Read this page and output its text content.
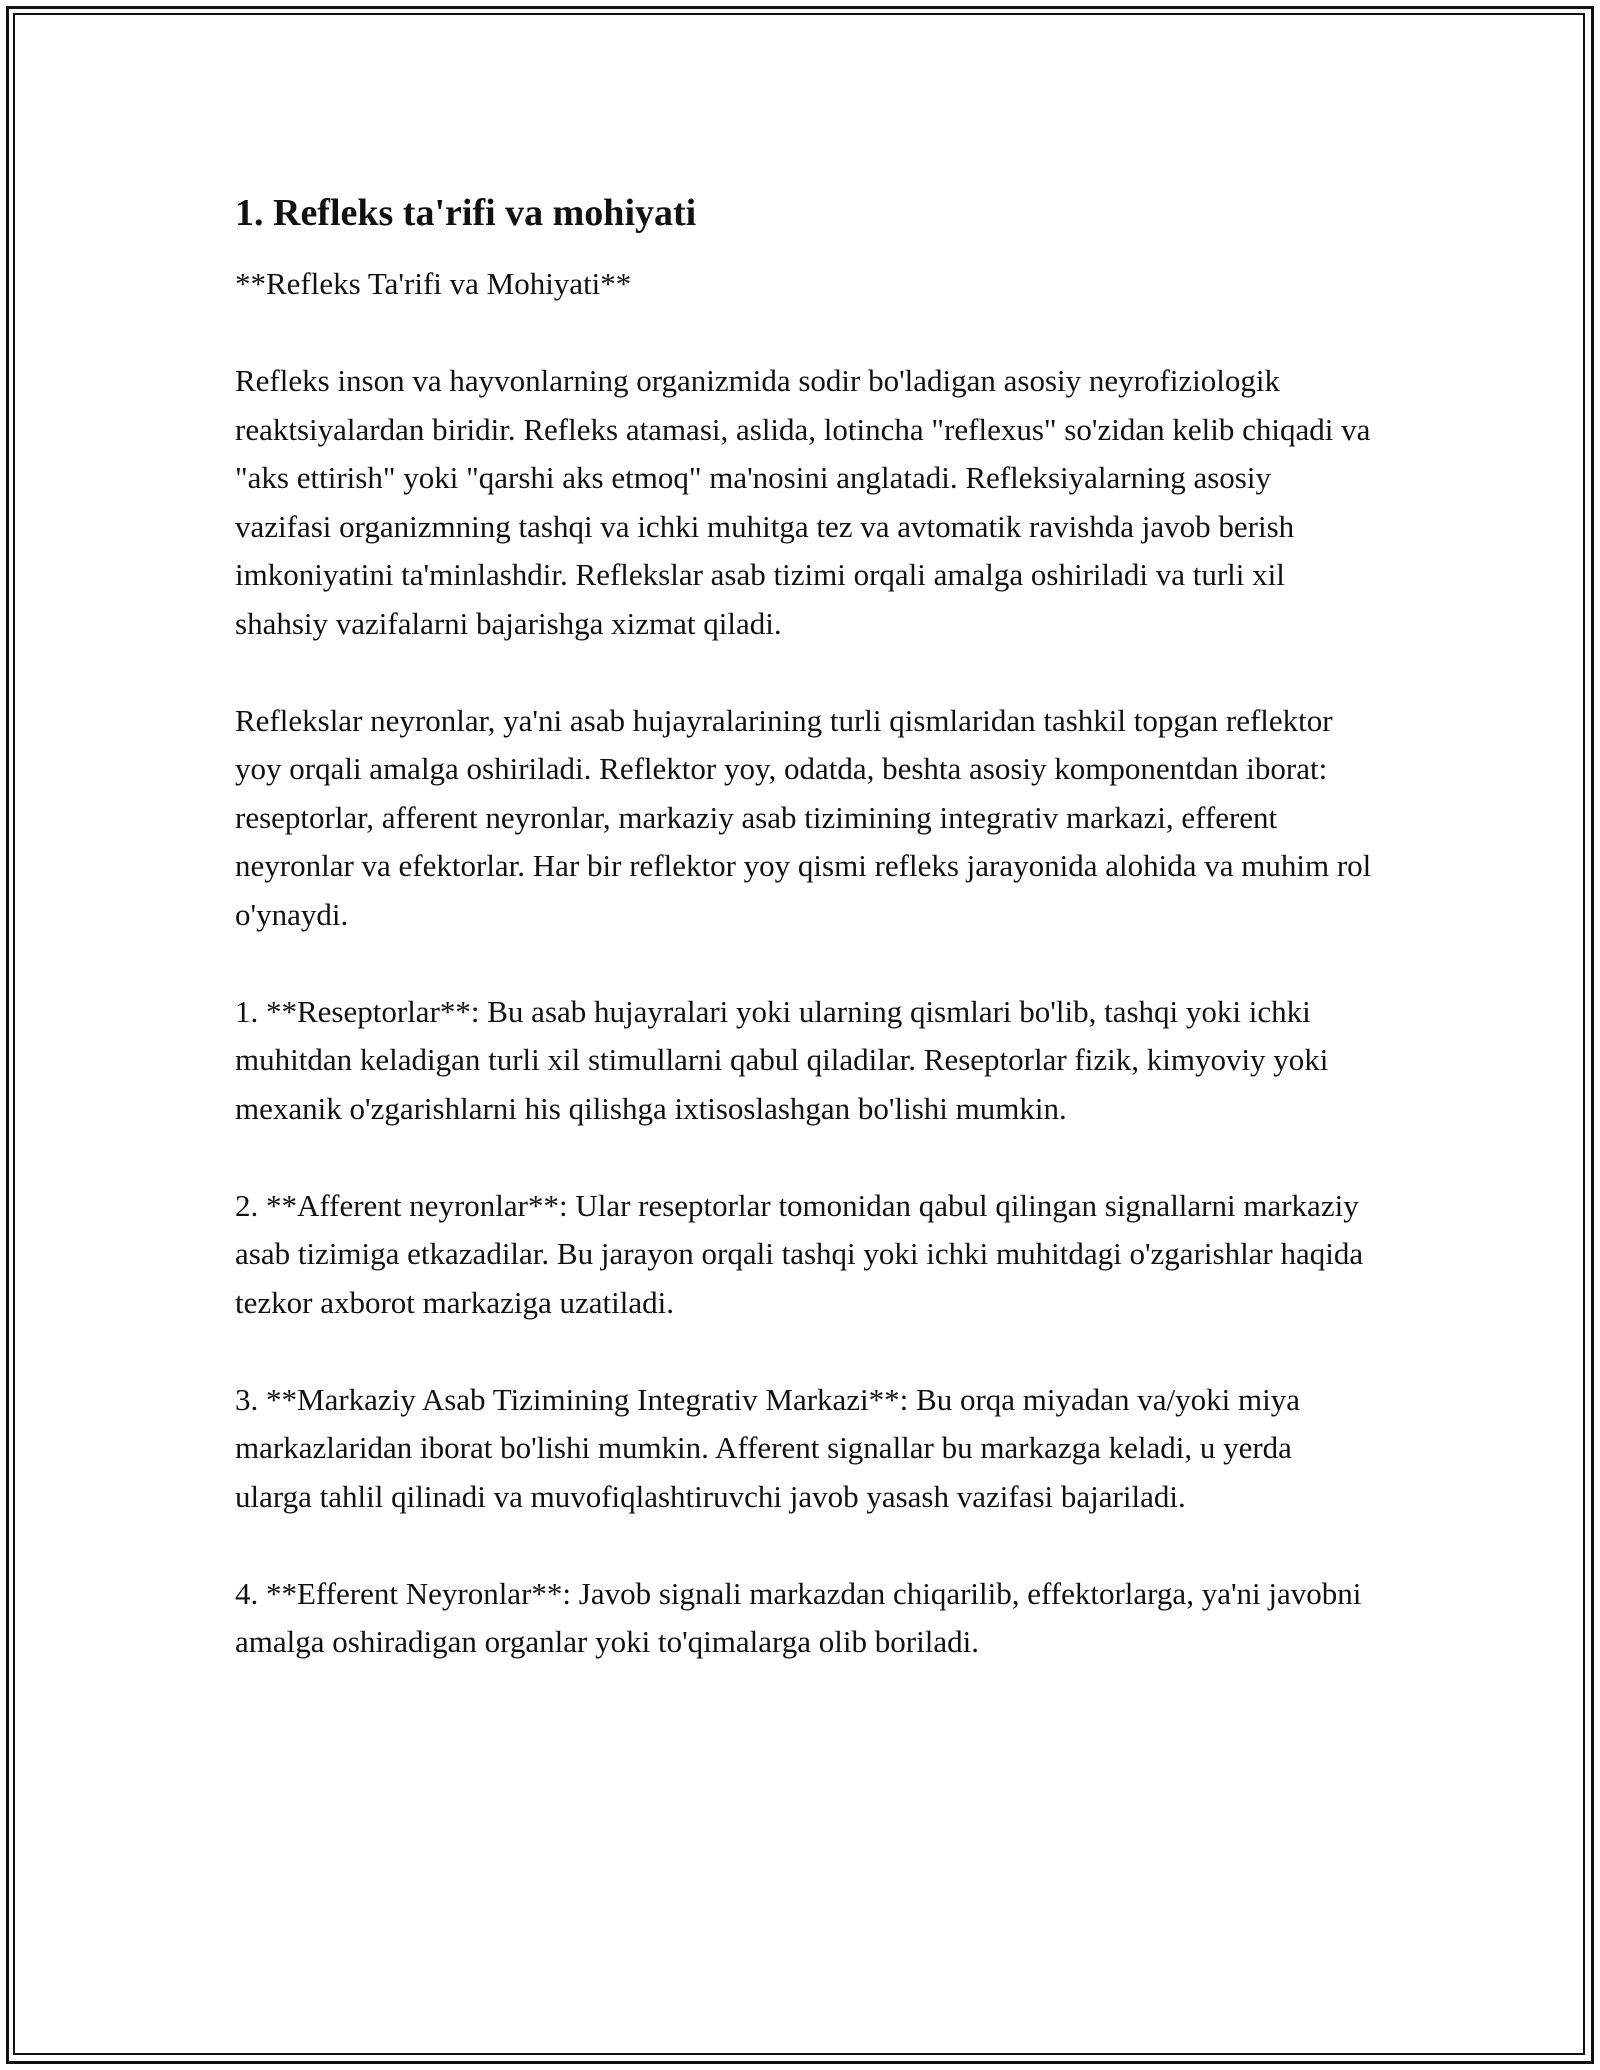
1. Refleks ta'rifi va mohiyati

**Refleks Ta'rifi va Mohiyati**

Refleks inson va hayvonlarning organizmida sodir bo'ladigan asosiy neyrofiziologik reaktsiyalardan biridir. Refleks atamasi, aslida, lotincha "reflexus" so'zidan kelib chiqadi va "aks ettirish" yoki "qarshi aks etmoq" ma'nosini anglatadi. Refleksiyalarning asosiy vazifasi organizmning tashqi va ichki muhitga tez va avtomatik ravishda javob berish imkoniyatini ta'minlashdir. Reflekslar asab tizimi orqali amalga oshiriladi va turli xil shahsiy vazifalarni bajarishga xizmat qiladi.

Reflekslar neyronlar, ya'ni asab hujayralarining turli qismlaridan tashkil topgan reflektor yoy orqali amalga oshiriladi. Reflektor yoy, odatda, beshta asosiy komponentdan iborat: reseptorlar, afferent neyronlar, markaziy asab tizimining integrativ markazi, efferent neyronlar va efektorlar. Har bir reflektor yoy qismi refleks jarayonida alohida va muhim rol o'ynaydi.

1. **Reseptorlar**: Bu asab hujayralari yoki ularning qismlari bo'lib, tashqi yoki ichki muhitdan keladigan turli xil stimullarni qabul qiladilar. Reseptorlar fizik, kimyoviy yoki mexanik o'zgarishlarni his qilishga ixtisoslashgan bo'lishi mumkin.

2. **Afferent neyronlar**: Ular reseptorlar tomonidan qabul qilingan signallarni markaziy asab tizimiga etkazadilar. Bu jarayon orqali tashqi yoki ichki muhitdagi o'zgarishlar haqida tezkor axborot markaziga uzatiladi.

3. **Markaziy Asab Tizimining Integrativ Markazi**: Bu orqa miyadan va/yoki miya markazlaridan iborat bo'lishi mumkin. Afferent signallar bu markazga keladi, u yerda ularga tahlil qilinadi va muvofiqlashtiruvchi javob yasash vazifasi bajariladi.

4. **Efferent Neyronlar**: Javob signali markazdan chiqarilib, effektorlarga, ya'ni javobni amalga oshiradigan organlar yoki to'qimalarga olib boriladi.
